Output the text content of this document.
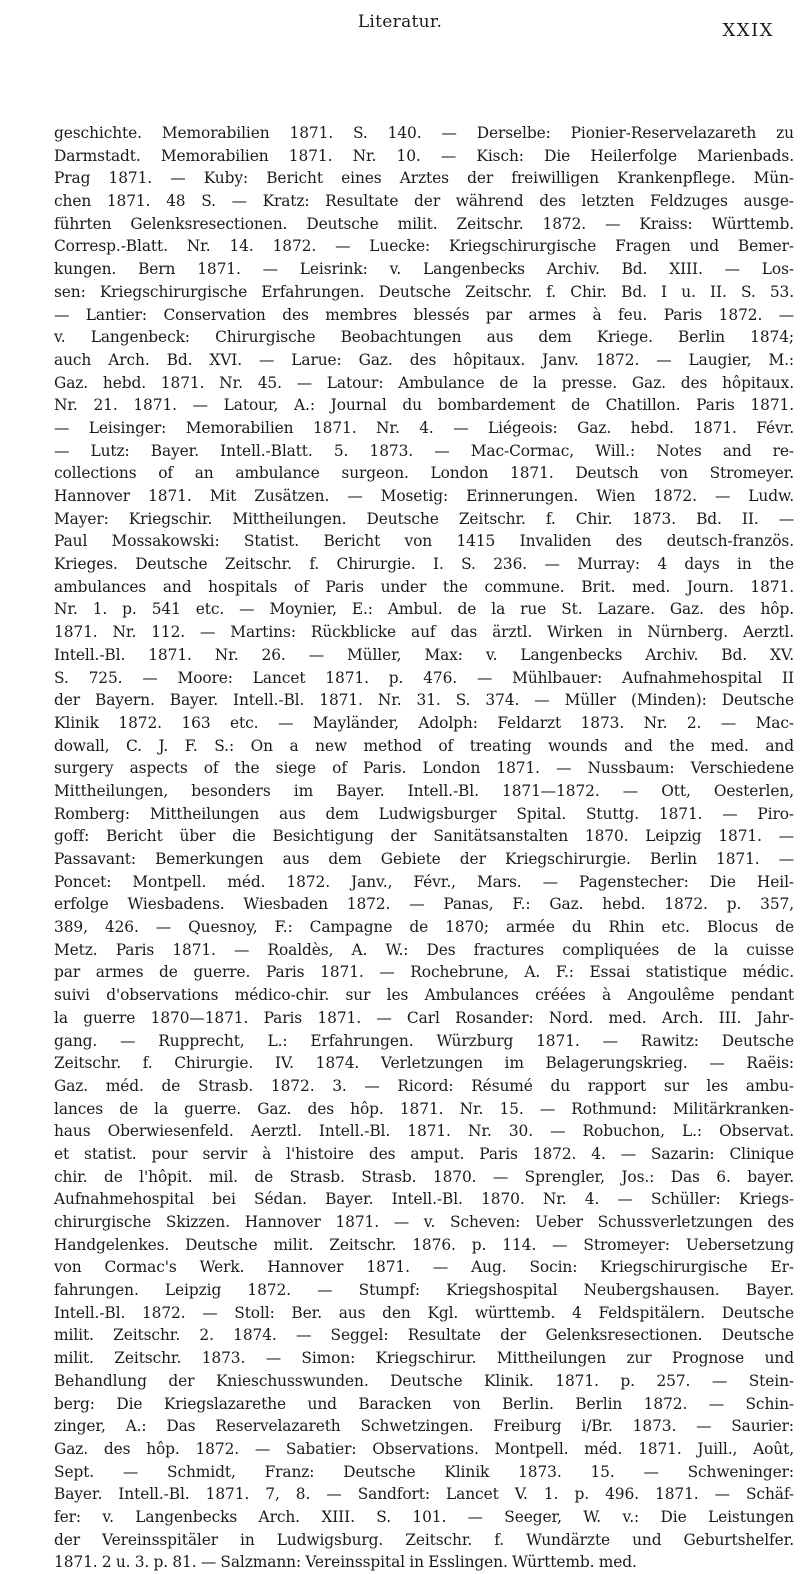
Literatur.	XXIX
geschichte. Memorabilien 1871. S. 140. — Derselbe: Pionier-Reservelazareth zu
Darmstadt. Memorabilien 1871. Nr. 10. — Kisch: Die Heilerfolge Marienbads.
Prag 1871. — Kuby: Bericht eines Arztes der freiwilligen Krankenpflege. Mün-
chen 1871. 48 S. — Kratz: Resultate der während des letzten Feldzuges ausge-
führten Gelenksresectionen. Deutsche milit. Zeitschr. 1872. — Kraiss: Württemb.
Corresp.-Blatt. Nr. 14. 1872. — Luecke: Kriegschirurgische Fragen und Bemer-
kungen. Bern 1871. — Leisrink: v. Langenbecks Archiv. Bd. XIII. — Los-
sen: Kriegschirurgische Erfahrungen. Deutsche Zeitschr. f. Chir. Bd. I u. II. S. 53.
— Lantier: Conservation des membres blessés par armes à feu. Paris 1872. —
v. Langenbeck: Chirurgische Beobachtungen aus dem Kriege. Berlin 1874;
auch Arch. Bd. XVI. — Larue: Gaz. des hôpitaux. Janv. 1872. — Laugier, M.:
Gaz. hebd. 1871. Nr. 45. — Latour: Ambulance de la presse. Gaz. des hôpitaux.
Nr. 21. 1871. — Latour, A.: Journal du bombardement de Chatillon. Paris 1871.
— Leisinger: Memorabilien 1871. Nr. 4. — Liégeois: Gaz. hebd. 1871. Févr.
— Lutz: Bayer. Intell.-Blatt. 5. 1873. — Mac-Cormac, Will.: Notes and re-
collections of an ambulance surgeon. London 1871. Deutsch von Stromeyer.
Hannover 1871. Mit Zusätzen. — Mosetig: Erinnerungen. Wien 1872. — Ludw.
Mayer: Kriegschir. Mittheilungen. Deutsche Zeitschr. f. Chir. 1873. Bd. II. —
Paul Mossakowski: Statist. Bericht von 1415 Invaliden des deutsch-französ.
Krieges. Deutsche Zeitschr. f. Chirurgie. I. S. 236. — Murray: 4 days in the
ambulances and hospitals of Paris under the commune. Brit. med. Journ. 1871.
Nr. 1. p. 541 etc. — Moynier, E.: Ambul. de la rue St. Lazare. Gaz. des hôp.
1871. Nr. 112. — Martins: Rückblicke auf das ärztl. Wirken in Nürnberg. Aerztl.
Intell.-Bl. 1871. Nr. 26. — Müller, Max: v. Langenbecks Archiv. Bd. XV.
S. 725. — Moore: Lancet 1871. p. 476. — Mühlbauer: Aufnahmehospital II
der Bayern. Bayer. Intell.-Bl. 1871. Nr. 31. S. 374. — Müller (Minden): Deutsche
Klinik 1872. 163 etc. — Mayländer, Adolph: Feldarzt 1873. Nr. 2. — Mac-
dowall, C. J. F. S.: On a new method of treating wounds and the med. and
surgery aspects of the siege of Paris. London 1871. — Nussbaum: Verschiedene
Mittheilungen, besonders im Bayer. Intell.-Bl. 1871—1872. — Ott, Oesterlen,
Romberg: Mittheilungen aus dem Ludwigsburger Spital. Stuttg. 1871. — Piro-
goff: Bericht über die Besichtigung der Sanitätsanstalten 1870. Leipzig 1871. —
Passavant: Bemerkungen aus dem Gebiete der Kriegschirurgie. Berlin 1871. —
Poncet: Montpell. méd. 1872. Janv., Févr., Mars. — Pagenstecher: Die Heil-
erfolge Wiesbadens. Wiesbaden 1872. — Panas, F.: Gaz. hebd. 1872. p. 357,
389, 426. — Quesnoy, F.: Campagne de 1870; armée du Rhin etc. Blocus de
Metz. Paris 1871. — Roaldès, A. W.: Des fractures compliquées de la cuisse
par armes de guerre. Paris 1871. — Rochebrune, A. F.: Essai statistique médic.
suivi d'observations médico-chir. sur les Ambulances créées à Angoulême pendant
la guerre 1870—1871. Paris 1871. — Carl Rosander: Nord. med. Arch. III. Jahr-
gang. — Rupprecht, L.: Erfahrungen. Würzburg 1871. — Rawitz: Deutsche
Zeitschr. f. Chirurgie. IV. 1874. Verletzungen im Belagerungskrieg. — Raëis:
Gaz. méd. de Strasb. 1872. 3. — Ricord: Résumé du rapport sur les ambu-
lances de la guerre. Gaz. des hôp. 1871. Nr. 15. — Rothmund: Militärkranken-
haus Oberwiesenfeld. Aerztl. Intell.-Bl. 1871. Nr. 30. — Robuchon, L.: Observat.
et statist. pour servir à l'histoire des amput. Paris 1872. 4. — Sazarin: Clinique
chir. de l'hôpit. mil. de Strasb. Strasb. 1870. — Sprengler, Jos.: Das 6. bayer.
Aufnahmehospital bei Sédan. Bayer. Intell.-Bl. 1870. Nr. 4. — Schüller: Kriegs-
chirurgische Skizzen. Hannover 1871. — v. Scheven: Ueber Schussverletzungen des
Handgelenkes. Deutsche milit. Zeitschr. 1876. p. 114. — Stromeyer: Uebersetzung
von Cormac's Werk. Hannover 1871. — Aug. Socin: Kriegschirurgische Er-
fahrungen. Leipzig 1872. — Stumpf: Kriegshospital Neubergshausen. Bayer.
Intell.-Bl. 1872. — Stoll: Ber. aus den Kgl. württemb. 4 Feldspitälern. Deutsche
milit. Zeitschr. 2. 1874. — Seggel: Resultate der Gelenksresectionen. Deutsche
milit. Zeitschr. 1873. — Simon: Kriegschirur. Mittheilungen zur Prognose und
Behandlung der Knieschusswunden. Deutsche Klinik. 1871. p. 257. — Stein-
berg: Die Kriegslazarethe und Baracken von Berlin. Berlin 1872. — Schin-
zinger, A.: Das Reservelazareth Schwetzingen. Freiburg i/Br. 1873. — Saurier:
Gaz. des hôp. 1872. — Sabatier: Observations. Montpell. méd. 1871. Juill., Août,
Sept. — Schmidt, Franz: Deutsche Klinik 1873. 15. — Schweninger:
Bayer. Intell.-Bl. 1871. 7, 8. — Sandfort: Lancet V. 1. p. 496. 1871. — Schäf-
fer: v. Langenbecks Arch. XIII. S. 101. — Seeger, W. v.: Die Leistungen
der Vereinsspitäler in Ludwigsburg. Zeitschr. f. Wundärzte und Geburtshelfer.
1871. 2 u. 3. p. 81. — Salzmann: Vereinsspital in Esslingen. Württemb. med.
